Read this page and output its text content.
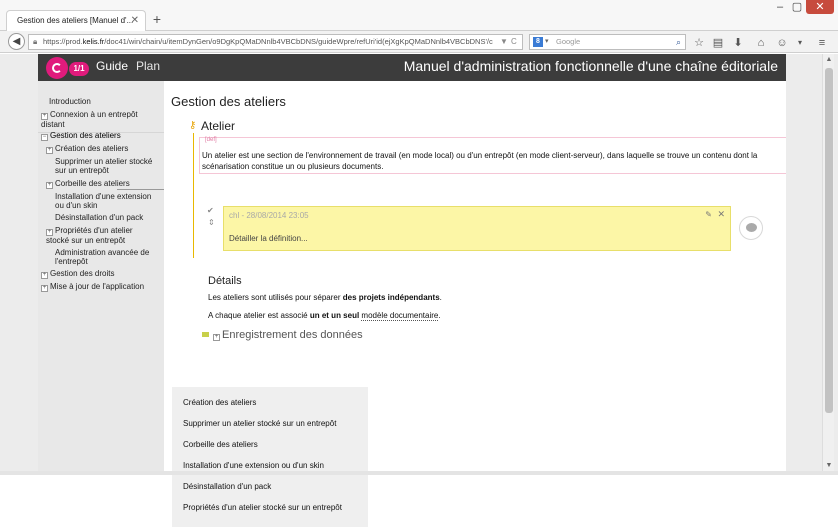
Gestion des ateliers [Manuel d'...
✕ +
‒ ▢	✕
◀	🔒︎ https://prod.kelis.fr/doc41/win/chain/u/itemDynGen/o9DgKpQMaDNnlb4VBCbDNS/guideWpre/refUri'id(ejXgKpQMaDNnlb4VBCbDNS'/c ▼ C	8 ▾ Google	⌕ ☆ ▤ ⬇	⌂	☺	▾	≡
1/1 Guide Plan	Manuel d'administration fonctionnelle d'une chaîne éditoriale
Introduction
+ Connexion à un entrepôt distant
− Gestion des ateliers
+ Création des ateliers
Supprimer un atelier stocké sur un entrepôt
+ Corbeille des ateliers
Installation d'une extension ou d'un skin
Désinstallation d'un pack
+ Propriétés d'un atelier stocké sur un entrepôt
Administration avancée de l'entrepôt
+ Gestion des droits
+ Mise à jour de l'application
Gestion des ateliers
⚷ Atelier
[def]
Un atelier est une section de l'environnement de travail (en mode local) ou d'un entrepôt (en mode client-serveur), dans laquelle se trouve un contenu dont la scénarisation constitue un ou plusieurs documents.
✔
⇕
chl - 28/08/2014 23:05	✎ ✕
Détailler la définition...
Détails
Les ateliers sont utilisés pour séparer des projets indépendants.
A chaque atelier est associé un et un seul modèle documentaire.
+ Enregistrement des données
Création des ateliers
Supprimer un atelier stocké sur un entrepôt
Corbeille des ateliers
Installation d'une extension ou d'un skin
Désinstallation d'un pack
Propriétés d'un atelier stocké sur un entrepôt
▲
▼
